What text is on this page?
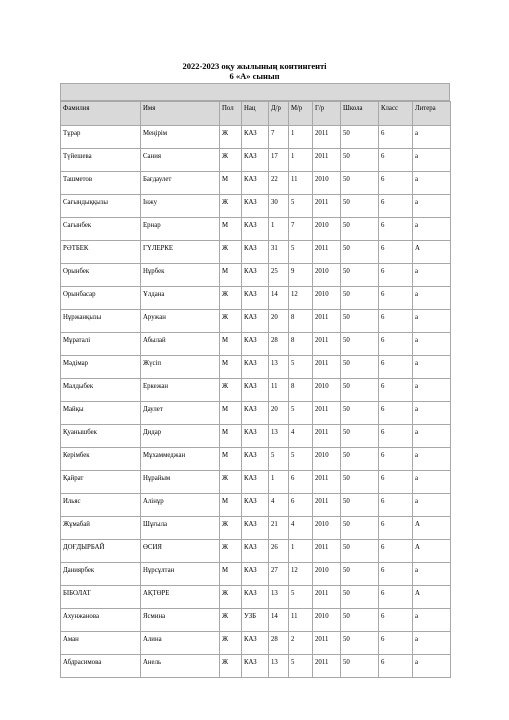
2022-2023 оқу жылының контингенті
6 «А» сынып
Фамилия	Имя	Пол	Нац	Д/р	М/р	Г/р	Школа	Класс	Литера
Тұрар	Меңірім	Ж	КАЗ	7	1	2011	50	6	а
Түйешева	Сания	Ж	КАЗ	17	1	2011	50	6	а
Ташметов	Бағдаулет	М	КАЗ	22	11	2010	50	6	а
Сағындыққызы	Інжу	Ж	КАЗ	30	5	2011	50	6	а
Сағынбек	Ернар	М	КАЗ	1	7	2010	50	6	а
РӘТБЕК	ГҮЛЕРКЕ	Ж	КАЗ	31	5	2011	50	6	А
Орынбек	Нұрбек	М	КАЗ	25	9	2010	50	6	а
Орынбасар	Ұлдана	Ж	КАЗ	14	12	2010	50	6	а
Нұржанқызы	Аружан	Ж	КАЗ	20	8	2011	50	6	а
Мұраталі	Абылай	М	КАЗ	28	8	2011	50	6	а
Мәдімар	Жүсіп	М	КАЗ	13	5	2011	50	6	а
Малдыбек	Еркежан	Ж	КАЗ	11	8	2010	50	6	а
Майқы	Даулет	М	КАЗ	20	5	2011	50	6	а
Қуанышбек	Дидар	М	КАЗ	13	4	2011	50	6	а
Керімбек	Мұхаммеджан	М	КАЗ	5	5	2010	50	6	а
Қайрат	Нұрайым	Ж	КАЗ	1	6	2011	50	6	а
Ильяс	Алінұр	М	КАЗ	4	6	2011	50	6	а
Жұмабай	Шұғыла	Ж	КАЗ	21	4	2010	50	6	А
ДОҒДЫРБАЙ	ӨСИЯ	Ж	КАЗ	26	1	2011	50	6	А
Даниярбек	Нұрсұлтан	М	КАЗ	27	12	2010	50	6	а
БІБОЛАТ	АҚТӨРЕ	Ж	КАЗ	13	5	2011	50	6	А
Ахунжанова	Ясмина	Ж	УЗБ	14	11	2010	50	6	а
Аман	Алина	Ж	КАЗ	28	2	2011	50	6	а
Абдрасимова	Анель	Ж	КАЗ	13	5	2011	50	6	а
